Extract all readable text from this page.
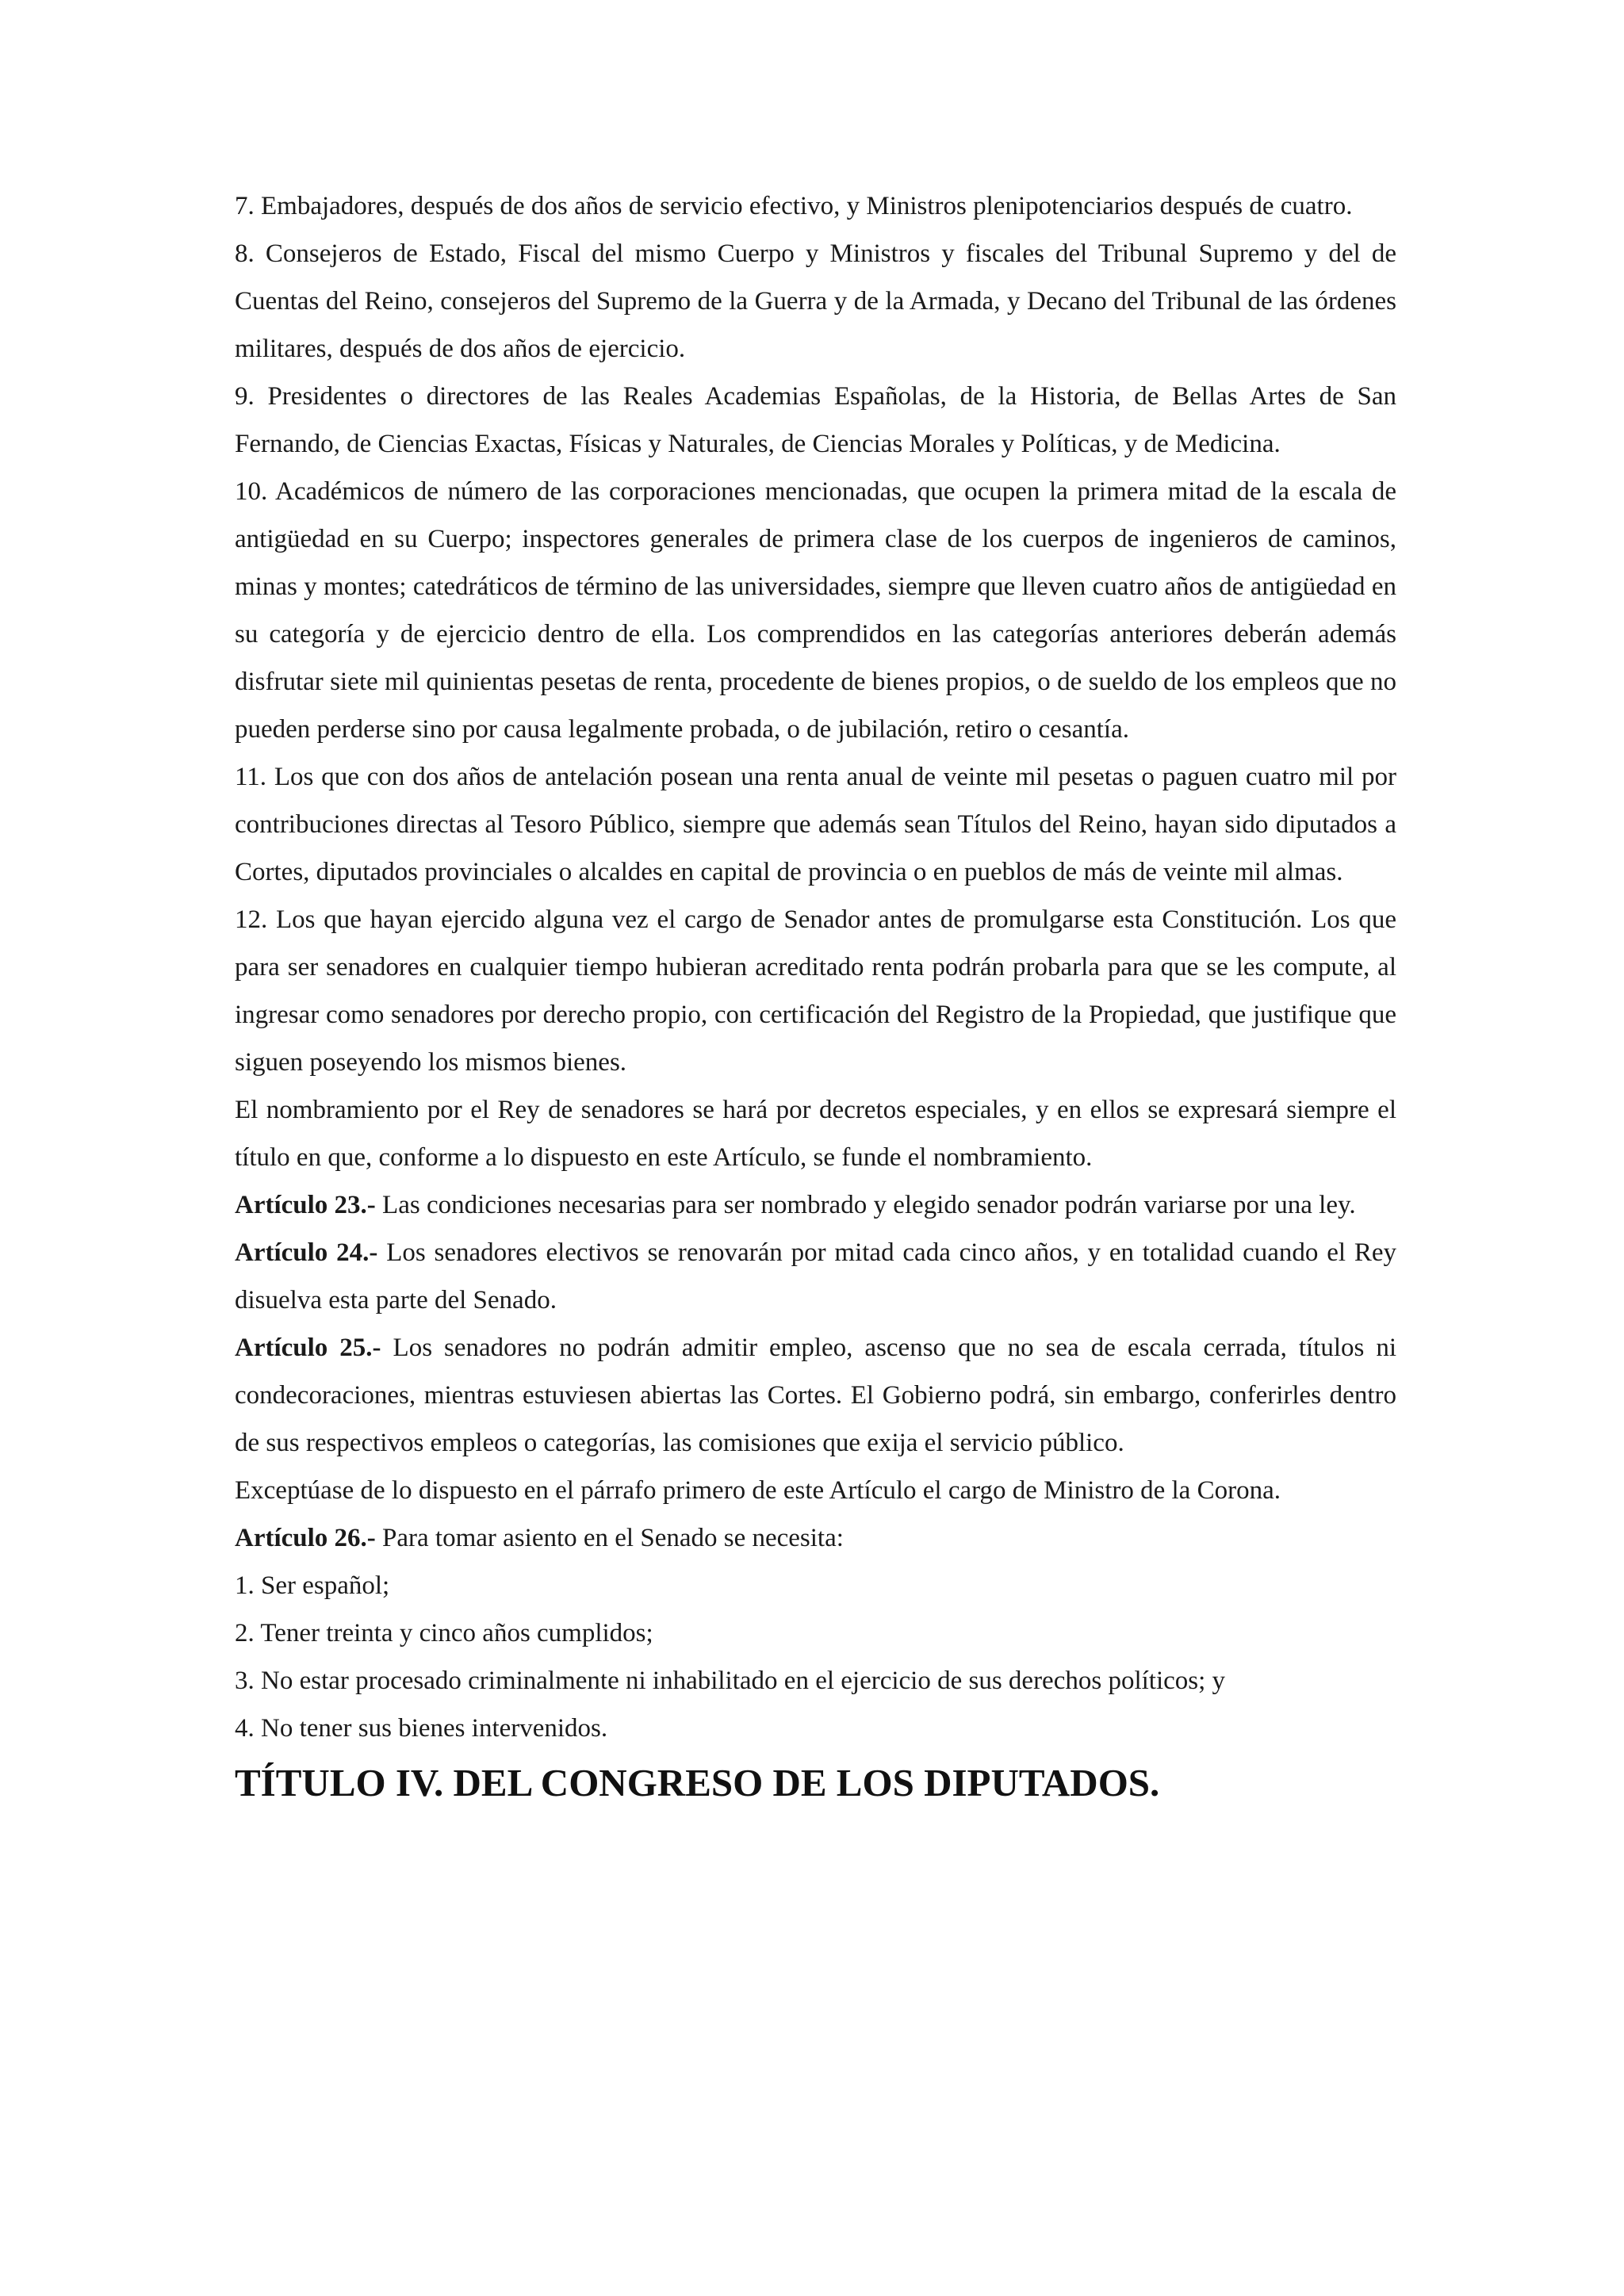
7. Embajadores, después de dos años de servicio efectivo, y Ministros plenipotenciarios después de cuatro.

8. Consejeros de Estado, Fiscal del mismo Cuerpo y Ministros y fiscales del Tribunal Supremo y del de Cuentas del Reino, consejeros del Supremo de la Guerra y de la Armada, y Decano del Tribunal de las órdenes militares, después de dos años de ejercicio.

9. Presidentes o directores de las Reales Academias Españolas, de la Historia, de Bellas Artes de San Fernando, de Ciencias Exactas, Físicas y Naturales, de Ciencias Morales y Políticas, y de Medicina.

10. Académicos de número de las corporaciones mencionadas, que ocupen la primera mitad de la escala de antigüedad en su Cuerpo; inspectores generales de primera clase de los cuerpos de ingenieros de caminos, minas y montes; catedráticos de término de las universidades, siempre que lleven cuatro años de antigüedad en su categoría y de ejercicio dentro de ella. Los comprendidos en las categorías anteriores deberán además disfrutar siete mil quinientas pesetas de renta, procedente de bienes propios, o de sueldo de los empleos que no pueden perderse sino por causa legalmente probada, o de jubilación, retiro o cesantía.

11. Los que con dos años de antelación posean una renta anual de veinte mil pesetas o paguen cuatro mil por contribuciones directas al Tesoro Público, siempre que además sean Títulos del Reino, hayan sido diputados a Cortes, diputados provinciales o alcaldes en capital de provincia o en pueblos de más de veinte mil almas.

12. Los que hayan ejercido alguna vez el cargo de Senador antes de promulgarse esta Constitución. Los que para ser senadores en cualquier tiempo hubieran acreditado renta podrán probarla para que se les compute, al ingresar como senadores por derecho propio, con certificación del Registro de la Propiedad, que justifique que siguen poseyendo los mismos bienes.

El nombramiento por el Rey de senadores se hará por decretos especiales, y en ellos se expresará siempre el título en que, conforme a lo dispuesto en este Artículo, se funde el nombramiento.

Artículo 23.- Las condiciones necesarias para ser nombrado y elegido senador podrán variarse por una ley.

Artículo 24.- Los senadores electivos se renovarán por mitad cada cinco años, y en totalidad cuando el Rey disuelva esta parte del Senado.

Artículo 25.- Los senadores no podrán admitir empleo, ascenso que no sea de escala cerrada, títulos ni condecoraciones, mientras estuviesen abiertas las Cortes. El Gobierno podrá, sin embargo, conferirles dentro de sus respectivos empleos o categorías, las comisiones que exija el servicio público.

Exceptúase de lo dispuesto en el párrafo primero de este Artículo el cargo de Ministro de la Corona.

Artículo 26.- Para tomar asiento en el Senado se necesita:

1. Ser español;

2. Tener treinta y cinco años cumplidos;

3. No estar procesado criminalmente ni inhabilitado en el ejercicio de sus derechos políticos; y

4. No tener sus bienes intervenidos.

TÍTULO IV. DEL CONGRESO DE LOS DIPUTADOS.
